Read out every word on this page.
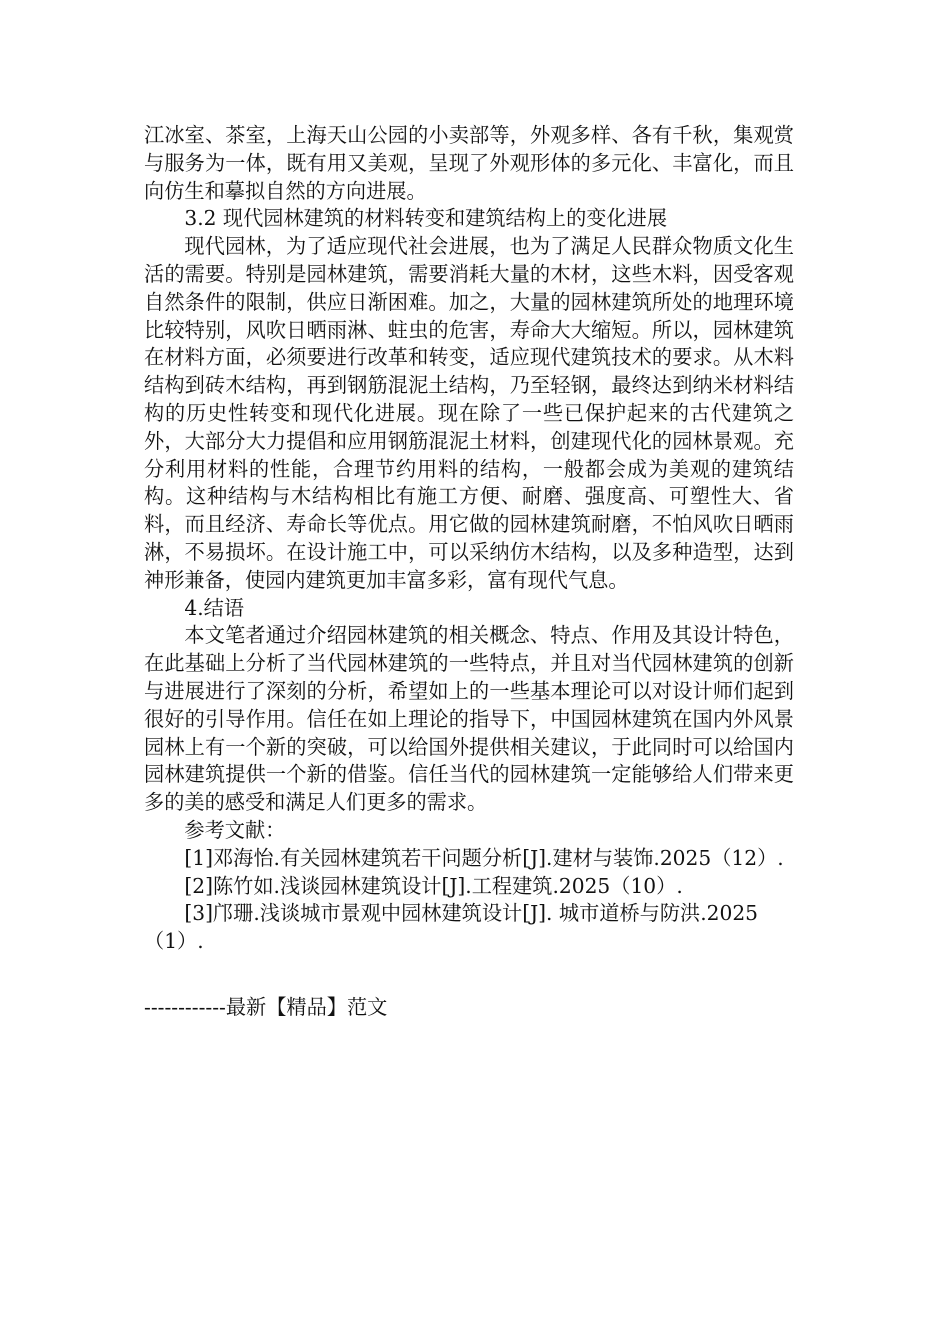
江冰室、茶室，上海天山公园的小卖部等，外观多样、各有千秋，集观赏与服务为一体，既有用又美观，呈现了外观形体的多元化、丰富化，而且向仿生和摹拟自然的方向进展。

3.2 现代园林建筑的材料转变和建筑结构上的变化进展

现代园林，为了适应现代社会进展，也为了满足人民群众物质文化生活的需要。特别是园林建筑，需要消耗大量的木材，这些木料，因受客观自然条件的限制，供应日渐困难。加之，大量的园林建筑所处的地理环境比较特别，风吹日晒雨淋、蛀虫的危害，寿命大大缩短。所以，园林建筑在材料方面，必须要进行改革和转变，适应现代建筑技术的要求。从木料结构到砖木结构，再到钢筋混泥土结构，乃至轻钢，最终达到纳米材料结构的历史性转变和现代化进展。现在除了一些已保护起来的古代建筑之外，大部分大力提倡和应用钢筋混泥土材料，创建现代化的园林景观。充分利用材料的性能，合理节约用料的结构，一般都会成为美观的建筑结构。这种结构与木结构相比有施工方便、耐磨、强度高、可塑性大、省料，而且经济、寿命长等优点。用它做的园林建筑耐磨，不怕风吹日晒雨淋，不易损坏。在设计施工中，可以采纳仿木结构，以及多种造型，达到神形兼备，使园内建筑更加丰富多彩，富有现代气息。

4.结语

本文笔者通过介绍园林建筑的相关概念、特点、作用及其设计特色，在此基础上分析了当代园林建筑的一些特点，并且对当代园林建筑的创新与进展进行了深刻的分析，希望如上的一些基本理论可以对设计师们起到很好的引导作用。信任在如上理论的指导下，中国园林建筑在国内外风景园林上有一个新的突破，可以给国外提供相关建议，于此同时可以给国内园林建筑提供一个新的借鉴。信任当代的园林建筑一定能够给人们带来更多的美的感受和满足人们更多的需求。

参考文献：

[1]邓海怡.有关园林建筑若干问题分析[J].建材与装饰.2025（12）.

[2]陈竹如.浅谈园林建筑设计[J].工程建筑.2025（10）.

[3]邝珊.浅谈城市景观中园林建筑设计[J]. 城市道桥与防洪.2025（1）.

------------最新【精品】范文
